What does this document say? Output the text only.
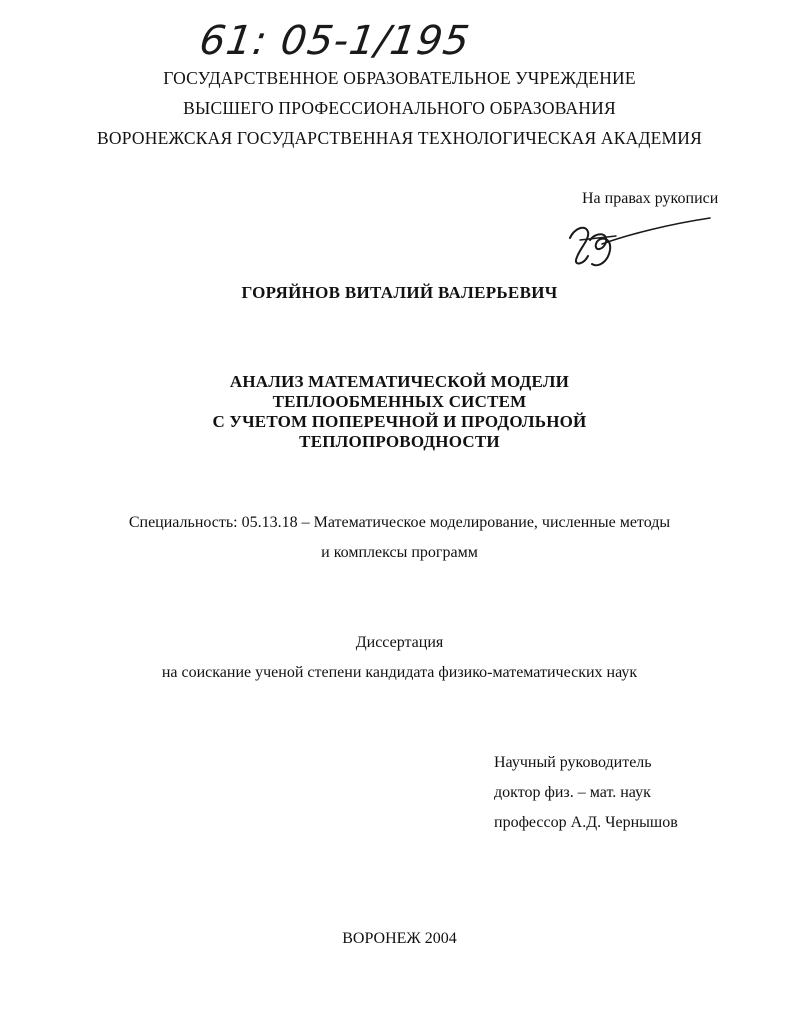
61: 05-1/195
ГОСУДАРСТВЕННОЕ ОБРАЗОВАТЕЛЬНОЕ УЧРЕЖДЕНИЕ
ВЫСШЕГО ПРОФЕССИОНАЛЬНОГО ОБРАЗОВАНИЯ
ВОРОНЕЖСКАЯ ГОСУДАРСТВЕННАЯ ТЕХНОЛОГИЧЕСКАЯ АКАДЕМИЯ
На правах рукописи
ГОРЯЙНОВ ВИТАЛИЙ ВАЛЕРЬЕВИЧ
АНАЛИЗ МАТЕМАТИЧЕСКОЙ МОДЕЛИ
ТЕПЛООБМЕННЫХ СИСТЕМ
С УЧЕТОМ ПОПЕРЕЧНОЙ И ПРОДОЛЬНОЙ
ТЕПЛОПРОВОДНОСТИ
Специальность: 05.13.18 – Математическое моделирование, численные методы
и комплексы программ
Диссертация
на соискание ученой степени кандидата физико-математических наук
Научный руководитель
доктор физ. – мат. наук
профессор А.Д. Чернышов
ВОРОНЕЖ 2004
